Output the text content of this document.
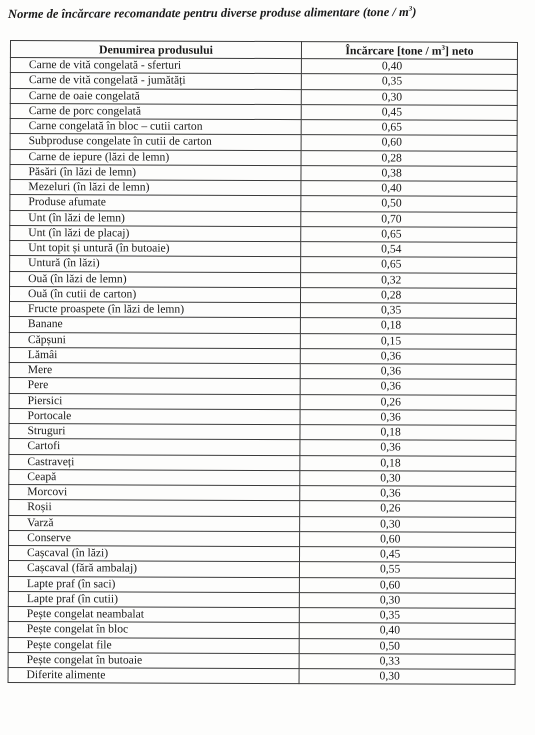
Norme de încărcare recomandate pentru diverse produse alimentare (tone / $m^3$)
Denumirea produsului	Încărcare [tone / $m^3$] neto
Carne de vită congelată - sferturi	0,40
Carne de vită congelată - jumătăți	0,35
Carne de oaie congelată	0,30
Carne de porc congelată	0,45
Carne congelată în bloc – cutii carton	0,65
Subproduse congelate în cutii de carton	0,60
Carne de iepure (lăzi de lemn)	0,28
Păsări (în lăzi de lemn)	0,38
Mezeluri (în lăzi de lemn)	0,40
Produse afumate	0,50
Unt (în lăzi de lemn)	0,70
Unt (în lăzi de placaj)	0,65
Unt topit și untură (în butoaie)	0,54
Untură (în lăzi)	0,65
Ouă (în lăzi de lemn)	0,32
Ouă (în cutii de carton)	0,28
Fructe proaspete (în lăzi de lemn)	0,35
Banane	0,18
Căpșuni	0,15
Lămâi	0,36
Mere	0,36
Pere	0,36
Piersici	0,26
Portocale	0,36
Struguri	0,18
Cartofi	0,36
Castraveți	0,18
Ceapă	0,30
Morcovi	0,36
Roșii	0,26
Varză	0,30
Conserve	0,60
Cașcaval (în lăzi)	0,45
Cașcaval (fără ambalaj)	0,55
Lapte praf (în saci)	0,60
Lapte praf (în cutii)	0,30
Pește congelat neambalat	0,35
Pește congelat în bloc	0,40
Pește congelat file	0,50
Pește congelat în butoaie	0,33
Diferite alimente	0,30
